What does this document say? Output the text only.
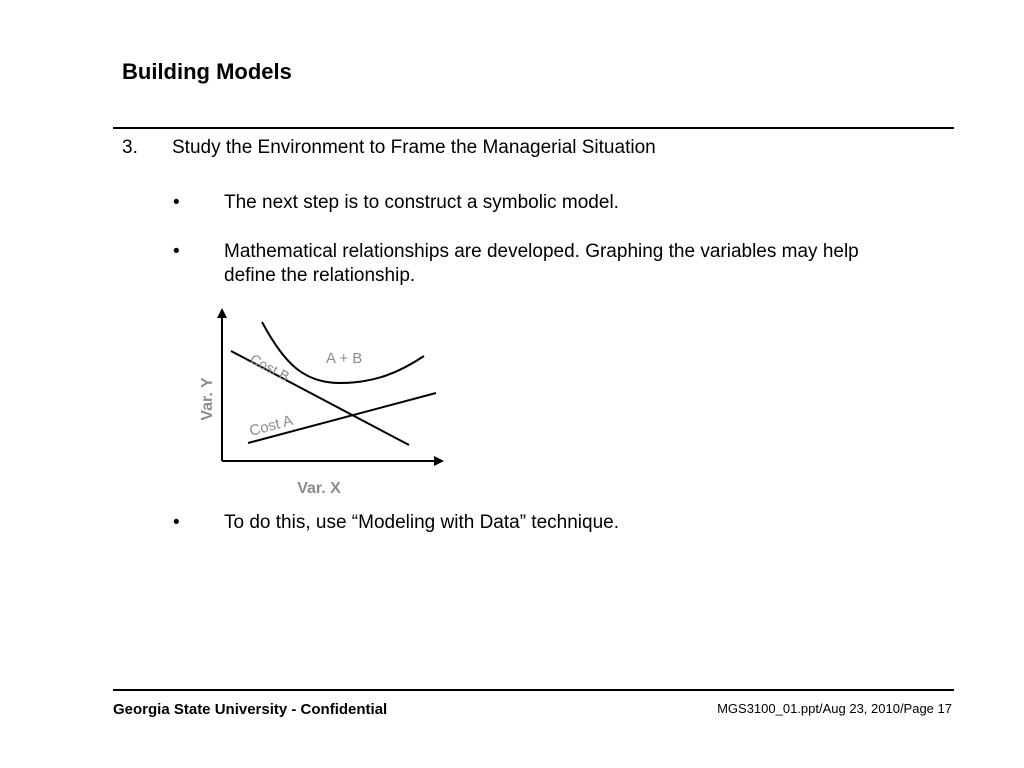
Building Models
3. Study the Environment to Frame the Managerial Situation
• The next step is to construct a symbolic model.
• Mathematical relationships are developed. Graphing the variables may help define the relationship.
A + B
Cost B
Cost A
Var. Y
Var. X
• To do this, use “Modeling with Data” technique.
Georgia State University - Confidential	MGS3100_01.ppt/Aug 23, 2010/Page 17
